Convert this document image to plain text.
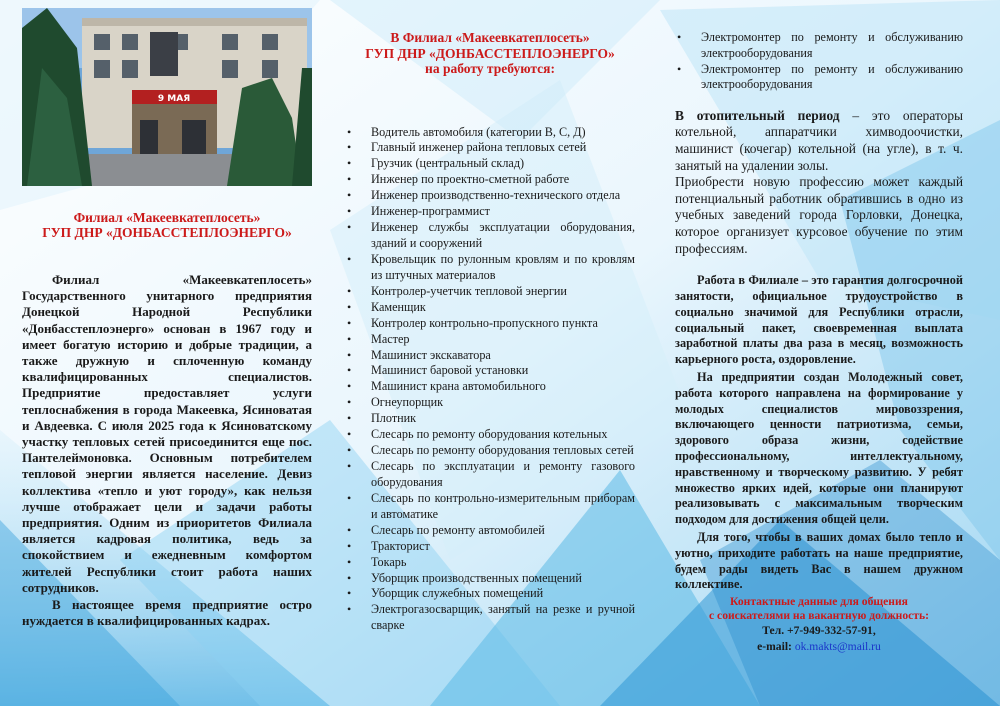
9 МАЯ
Филиал «Макеевкатеплосеть»
ГУП ДНР «ДОНБАССТЕПЛОЭНЕРГО»
Филиал «Макеевкатеплосеть» Государственного унитарного предприятия Донецкой Народной Республики «Донбасстеплоэнерго» основан в 1967 году и имеет богатую историю и добрые традиции, а также дружную и сплоченную команду квалифицированных специалистов. Предприятие предоставляет услуги теплоснабжения в города Макеевка, Ясиноватая и Авдеевка. С июля 2025 года к Ясиноватскому участку тепловых сетей присоединится еще пос. Пантелеймоновка. Основным потребителем тепловой энергии является население. Девиз коллектива «тепло и уют городу», как нельзя лучше отображает цели и задачи работы предприятия. Одним из приоритетов Филиала является кадровая политика, ведь за спокойствием и ежедневным комфортом жителей Республики стоит работа наших сотрудников.
В настоящее время предприятие остро нуждается в квалифицированных кадрах.
В Филиал «Макеевкатеплосеть»
ГУП ДНР «ДОНБАССТЕПЛОЭНЕРГО»
на работу требуются:
• Водитель автомобиля (категории В, С, Д)
• Главный инженер района тепловых сетей
• Грузчик (центральный склад)
• Инженер по проектно-сметной работе
• Инженер производственно-технического отдела
• Инженер-программист
• Инженер службы эксплуатации оборудования, зданий и сооружений
• Кровельщик по рулонным кровлям и по кровлям из штучных материалов
• Контролер-учетчик тепловой энергии
• Каменщик
• Контролер контрольно-пропускного пункта
• Мастер
• Машинист экскаватора
• Машинист баровой установки
• Машинист крана автомобильного
• Огнеупорщик
• Плотник
• Слесарь по ремонту оборудования котельных
• Слесарь по ремонту оборудования тепловых сетей
• Слесарь по эксплуатации и ремонту газового оборудования
• Слесарь по контрольно-измерительным приборам и автоматике
• Слесарь по ремонту автомобилей
• Тракторист
• Токарь
• Уборщик производственных помещений
• Уборщик служебных помещений
• Электрогазосварщик, занятый на резке и ручной сварке
• Электромонтер по ремонту и обслуживанию электрооборудования
• Электромонтер по ремонту и обслуживанию электрооборудования
В отопительный период – это операторы котельной, аппаратчики химводоочистки, машинист (кочегар) котельной (на угле), в т. ч. занятый на удалении золы.
Приобрести новую профессию может каждый потенциальный работник обратившись в одно из учебных заведений города Горловки, Донецка, которое организует курсовое обучение по этим профессиям.
Работа в Филиале – это гарантия долгосрочной занятости, официальное трудоустройство в социально значимой для Республики отрасли, социальный пакет, своевременная выплата заработной платы два раза в месяц, возможность карьерного роста, оздоровление.
На предприятии создан Молодежный совет, работа которого направлена на формирование у молодых специалистов мировоззрения, включающего ценности патриотизма, семьи, здорового образа жизни, содействие профессиональному, интеллектуальному, нравственному и творческому развитию. У ребят множество ярких идей, которые они планируют реализовывать с максимальным творческим подходом для достижения общей цели.
Для того, чтобы в ваших домах было тепло и уютно, приходите работать на наше предприятие, будем рады видеть Вас в нашем дружном коллективе.
Контактные данные для общения
с соискателями на вакантную должность:
Тел. +7-949-332-57-91,
e-mail: ok.makts@mail.ru
